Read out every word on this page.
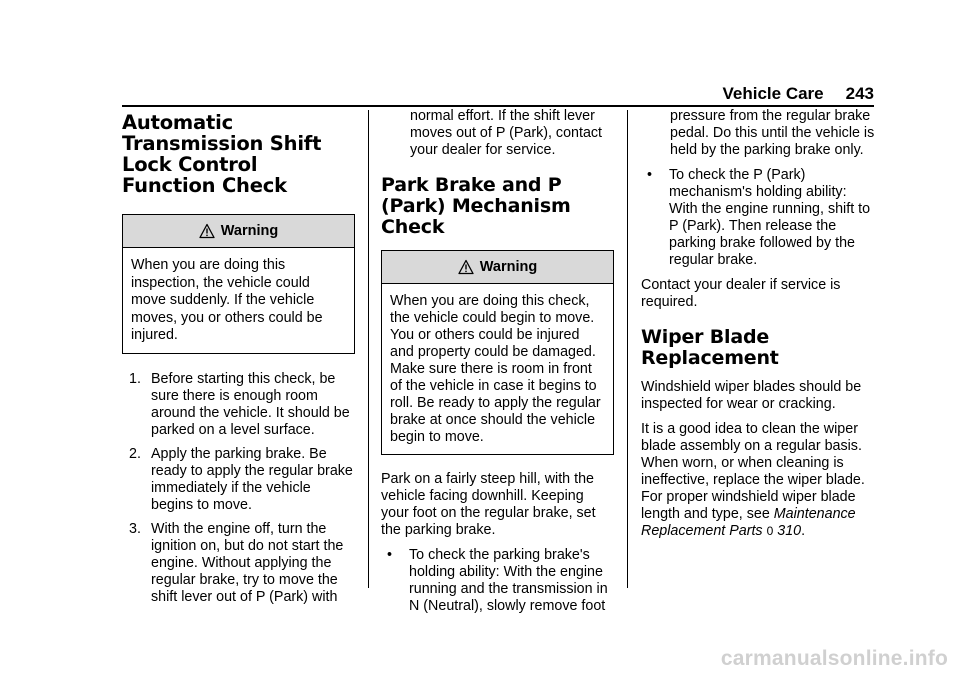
Vehicle Care 243
Automatic Transmission Shift Lock Control Function Check
Warning

When you are doing this inspection, the vehicle could move suddenly. If the vehicle moves, you or others could be injured.

1. Before starting this check, be sure there is enough room around the vehicle. It should be parked on a level surface.
2. Apply the parking brake. Be ready to apply the regular brake immediately if the vehicle begins to move.
3. With the engine off, turn the ignition on, but do not start the engine. Without applying the regular brake, try to move the shift lever out of P (Park) with

normal effort. If the shift lever moves out of P (Park), contact your dealer for service.

Park Brake and P (Park) Mechanism Check
Warning

When you are doing this check, the vehicle could begin to move. You or others could be injured and property could be damaged. Make sure there is room in front of the vehicle in case it begins to roll. Be ready to apply the regular brake at once should the vehicle begin to move.

Park on a fairly steep hill, with the vehicle facing downhill. Keeping your foot on the regular brake, set the parking brake.

•	To check the parking brake's holding ability: With the engine running and the transmission in N (Neutral), slowly remove foot

pressure from the regular brake pedal. Do this until the vehicle is held by the parking brake only.

•	To check the P (Park) mechanism's holding ability: With the engine running, shift to P (Park). Then release the parking brake followed by the regular brake.

Contact your dealer if service is required.

Wiper Blade Replacement

Windshield wiper blades should be inspected for wear or cracking.

It is a good idea to clean the wiper blade assembly on a regular basis. When worn, or when cleaning is ineffective, replace the wiper blade. For proper windshield wiper blade length and type, see Maintenance Replacement Parts 0 310.

carmanualsonline.info
